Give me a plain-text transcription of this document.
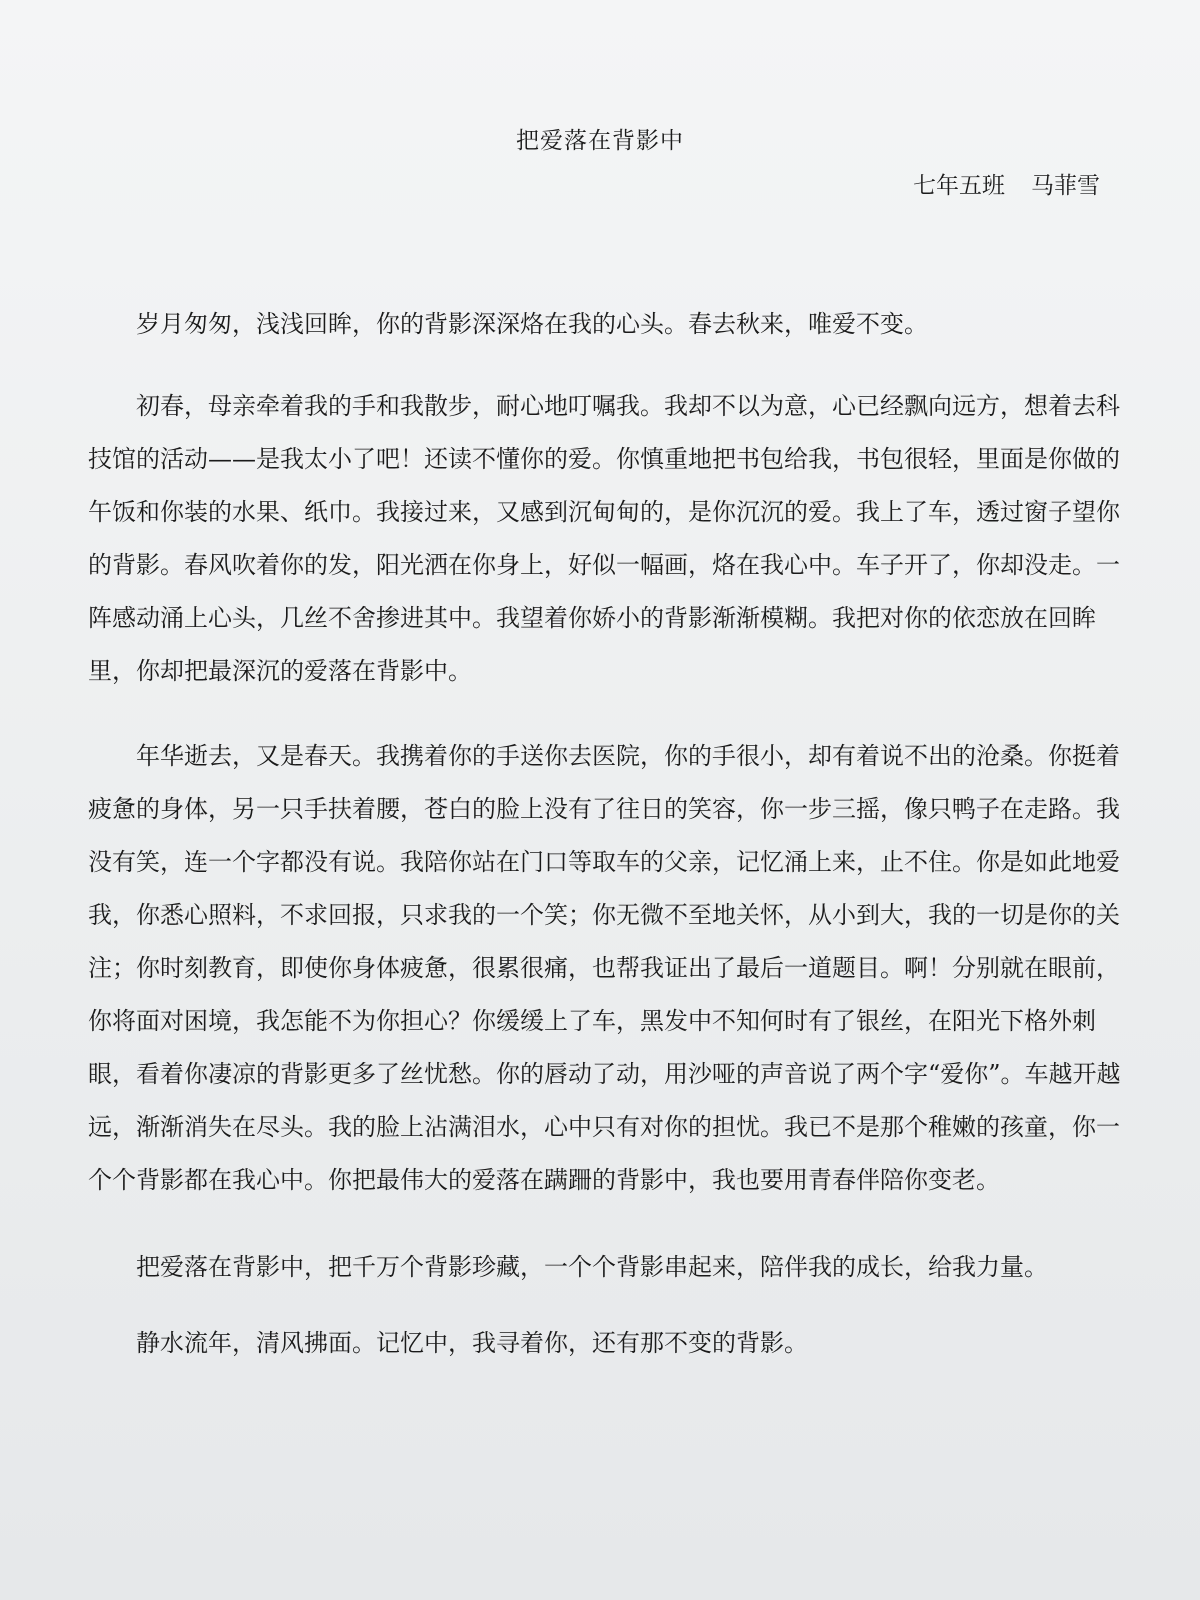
把爱落在背影中
七年五班 马菲雪

岁月匆匆，浅浅回眸，你的背影深深烙在我的心头。春去秋来，唯爱不变。

初春，母亲牵着我的手和我散步，耐心地叮嘱我。我却不以为意，心已经飘向远方，想着去科技馆的活动——是我太小了吧！还读不懂你的爱。你慎重地把书包给我，书包很轻，里面是你做的午饭和你装的水果、纸巾。我接过来，又感到沉甸甸的，是你沉沉的爱。我上了车，透过窗子望你的背影。春风吹着你的发，阳光洒在你身上，好似一幅画，烙在我心中。车子开了，你却没走。一阵感动涌上心头，几丝不舍掺进其中。我望着你娇小的背影渐渐模糊。我把对你的依恋放在回眸里，你却把最深沉的爱落在背影中。

年华逝去，又是春天。我携着你的手送你去医院，你的手很小，却有着说不出的沧桑。你挺着疲惫的身体，另一只手扶着腰，苍白的脸上没有了往日的笑容，你一步三摇，像只鸭子在走路。我没有笑，连一个字都没有说。我陪你站在门口等取车的父亲，记忆涌上来，止不住。你是如此地爱我，你悉心照料，不求回报，只求我的一个笑；你无微不至地关怀，从小到大，我的一切是你的关注；你时刻教育，即使你身体疲惫，很累很痛，也帮我证出了最后一道题目。啊！分别就在眼前，你将面对困境，我怎能不为你担心？你缓缓上了车，黑发中不知何时有了银丝，在阳光下格外刺眼，看着你凄凉的背影更多了丝忧愁。你的唇动了动，用沙哑的声音说了两个字“爱你”。车越开越远，渐渐消失在尽头。我的脸上沾满泪水，心中只有对你的担忧。我已不是那个稚嫩的孩童，你一个个背影都在我心中。你把最伟大的爱落在蹒跚的背影中，我也要用青春伴陪你变老。

把爱落在背影中，把千万个背影珍藏，一个个背影串起来，陪伴我的成长，给我力量。

静水流年，清风拂面。记忆中，我寻着你，还有那不变的背影。
